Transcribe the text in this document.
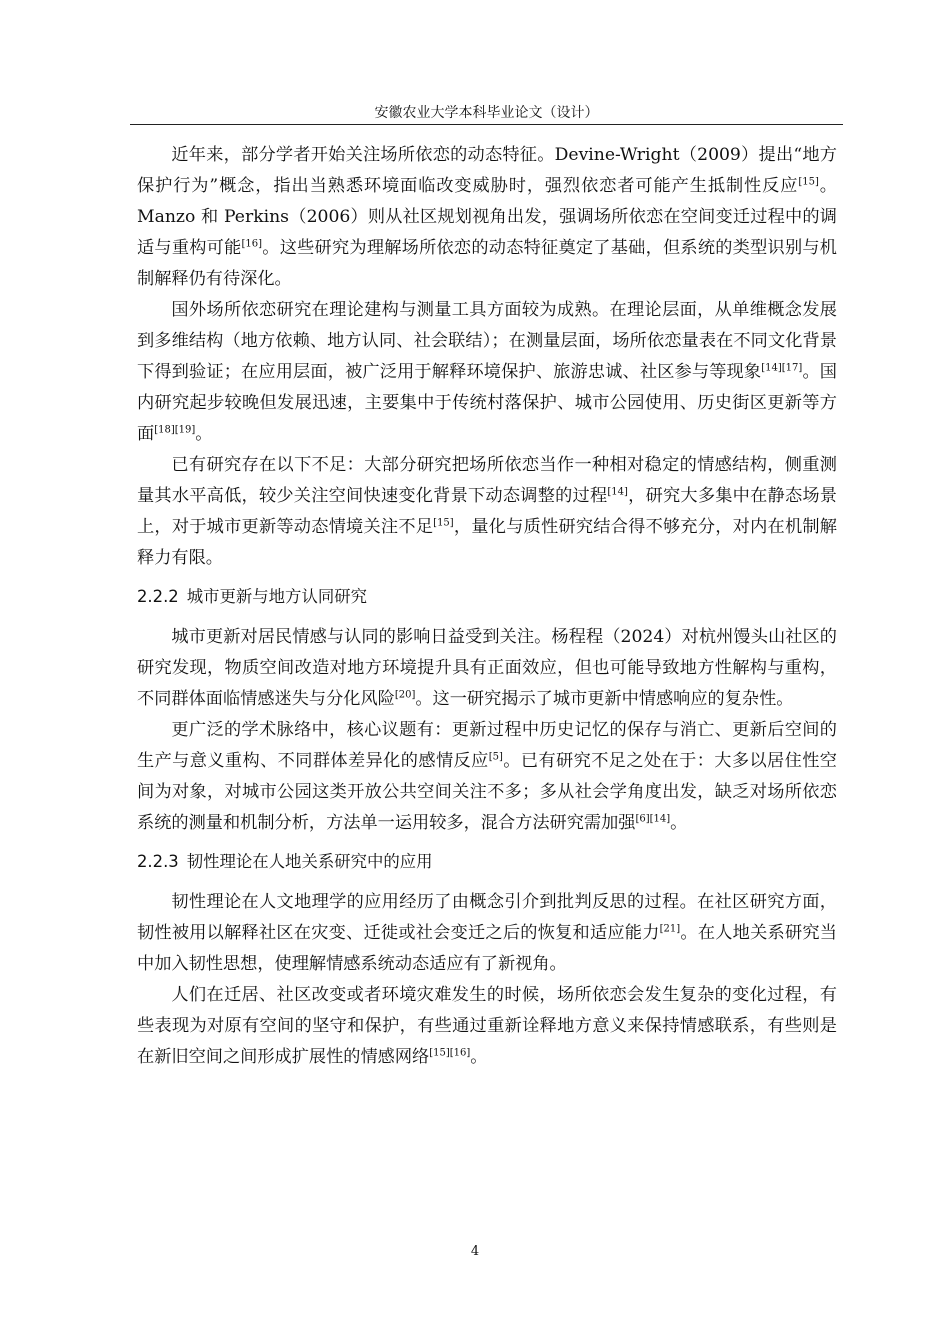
安徽农业大学本科毕业论文（设计）

近年来，部分学者开始关注场所依恋的动态特征。Devine-Wright（2009）提出“地方保护行为”概念，指出当熟悉环境面临改变威胁时，强烈依恋者可能产生抵制性反应[15]。Manzo 和 Perkins（2006）则从社区规划视角出发，强调场所依恋在空间变迁过程中的调适与重构可能[16]。这些研究为理解场所依恋的动态特征奠定了基础，但系统的类型识别与机制解释仍有待深化。

国外场所依恋研究在理论建构与测量工具方面较为成熟。在理论层面，从单维概念发展到多维结构（地方依赖、地方认同、社会联结）；在测量层面，场所依恋量表在不同文化背景下得到验证；在应用层面，被广泛用于解释环境保护、旅游忠诚、社区参与等现象[14][17]。国内研究起步较晚但发展迅速，主要集中于传统村落保护、城市公园使用、历史街区更新等方面[18][19]。

已有研究存在以下不足：大部分研究把场所依恋当作一种相对稳定的情感结构，侧重测量其水平高低，较少关注空间快速变化背景下动态调整的过程[14]，研究大多集中在静态场景上，对于城市更新等动态情境关注不足[15]，量化与质性研究结合得不够充分，对内在机制解释力有限。

2.2.2 城市更新与地方认同研究

城市更新对居民情感与认同的影响日益受到关注。杨程程（2024）对杭州馒头山社区的研究发现，物质空间改造对地方环境提升具有正面效应，但也可能导致地方性解构与重构，不同群体面临情感迷失与分化风险[20]。这一研究揭示了城市更新中情感响应的复杂性。

更广泛的学术脉络中，核心议题有：更新过程中历史记忆的保存与消亡、更新后空间的生产与意义重构、不同群体差异化的感情反应[5]。已有研究不足之处在于：大多以居住性空间为对象，对城市公园这类开放公共空间关注不多；多从社会学角度出发，缺乏对场所依恋系统的测量和机制分析，方法单一运用较多，混合方法研究需加强[6][14]。

2.2.3 韧性理论在人地关系研究中的应用

韧性理论在人文地理学的应用经历了由概念引介到批判反思的过程。在社区研究方面，韧性被用以解释社区在灾变、迁徙或社会变迁之后的恢复和适应能力[21]。在人地关系研究当中加入韧性思想，使理解情感系统动态适应有了新视角。

人们在迁居、社区改变或者环境灾难发生的时候，场所依恋会发生复杂的变化过程，有些表现为对原有空间的坚守和保护，有些通过重新诠释地方意义来保持情感联系，有些则是在新旧空间之间形成扩展性的情感网络[15][16]。

4
